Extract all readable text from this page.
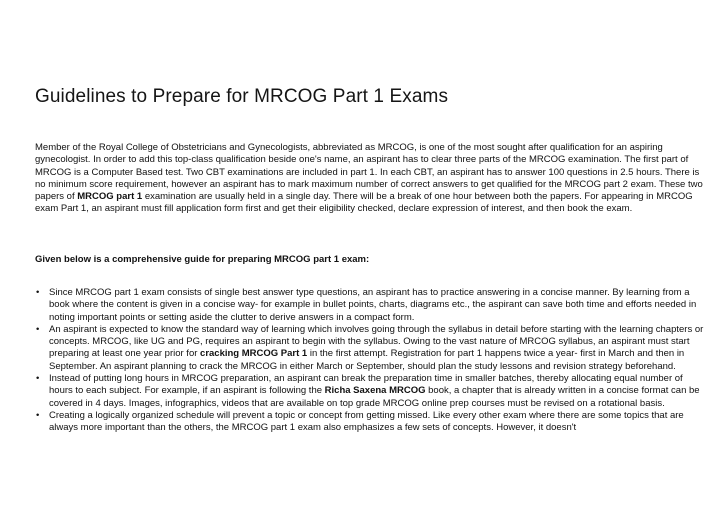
Guidelines to Prepare for MRCOG Part 1 Exams

Member of the Royal College of Obstetricians and Gynecologists, abbreviated as MRCOG, is one of the most sought after qualification for an aspiring gynecologist. In order to add this top-class qualification beside one's name, an aspirant has to clear three parts of the MRCOG examination. The first part of MRCOG is a Computer Based test. Two CBT examinations are included in part 1. In each CBT, an aspirant has to answer 100 questions in 2.5 hours. There is no minimum score requirement, however an aspirant has to mark maximum number of correct answers to get qualified for the MRCOG part 2 exam. These two papers of MRCOG part 1 examination are usually held in a single day. There will be a break of one hour between both the papers. For appearing in MRCOG exam Part 1, an aspirant must fill application form first and get their eligibility checked, declare expression of interest, and then book the exam.

Given below is a comprehensive guide for preparing MRCOG part 1 exam:

• Since MRCOG part 1 exam consists of single best answer type questions, an aspirant has to practice answering in a concise manner. By learning from a book where the content is given in a concise way- for example in bullet points, charts, diagrams etc., the aspirant can save both time and efforts needed in noting important points or setting aside the clutter to derive answers in a compact form.
• An aspirant is expected to know the standard way of learning which involves going through the syllabus in detail before starting with the learning chapters or concepts. MRCOG, like UG and PG, requires an aspirant to begin with the syllabus. Owing to the vast nature of MRCOG syllabus, an aspirant must start preparing at least one year prior for cracking MRCOG Part 1 in the first attempt. Registration for part 1 happens twice a year- first in March and then in September. An aspirant planning to crack the MRCOG in either March or September, should plan the study lessons and revision strategy beforehand.
• Instead of putting long hours in MRCOG preparation, an aspirant can break the preparation time in smaller batches, thereby allocating equal number of hours to each subject. For example, if an aspirant is following the Richa Saxena MRCOG book, a chapter that is already written in a concise format can be covered in 4 days. Images, infographics, videos that are available on top grade MRCOG online prep courses must be revised on a rotational basis.
• Creating a logically organized schedule will prevent a topic or concept from getting missed. Like every other exam where there are some topics that are always more important than the others, the MRCOG part 1 exam also emphasizes a few sets of concepts. However, it doesn't
